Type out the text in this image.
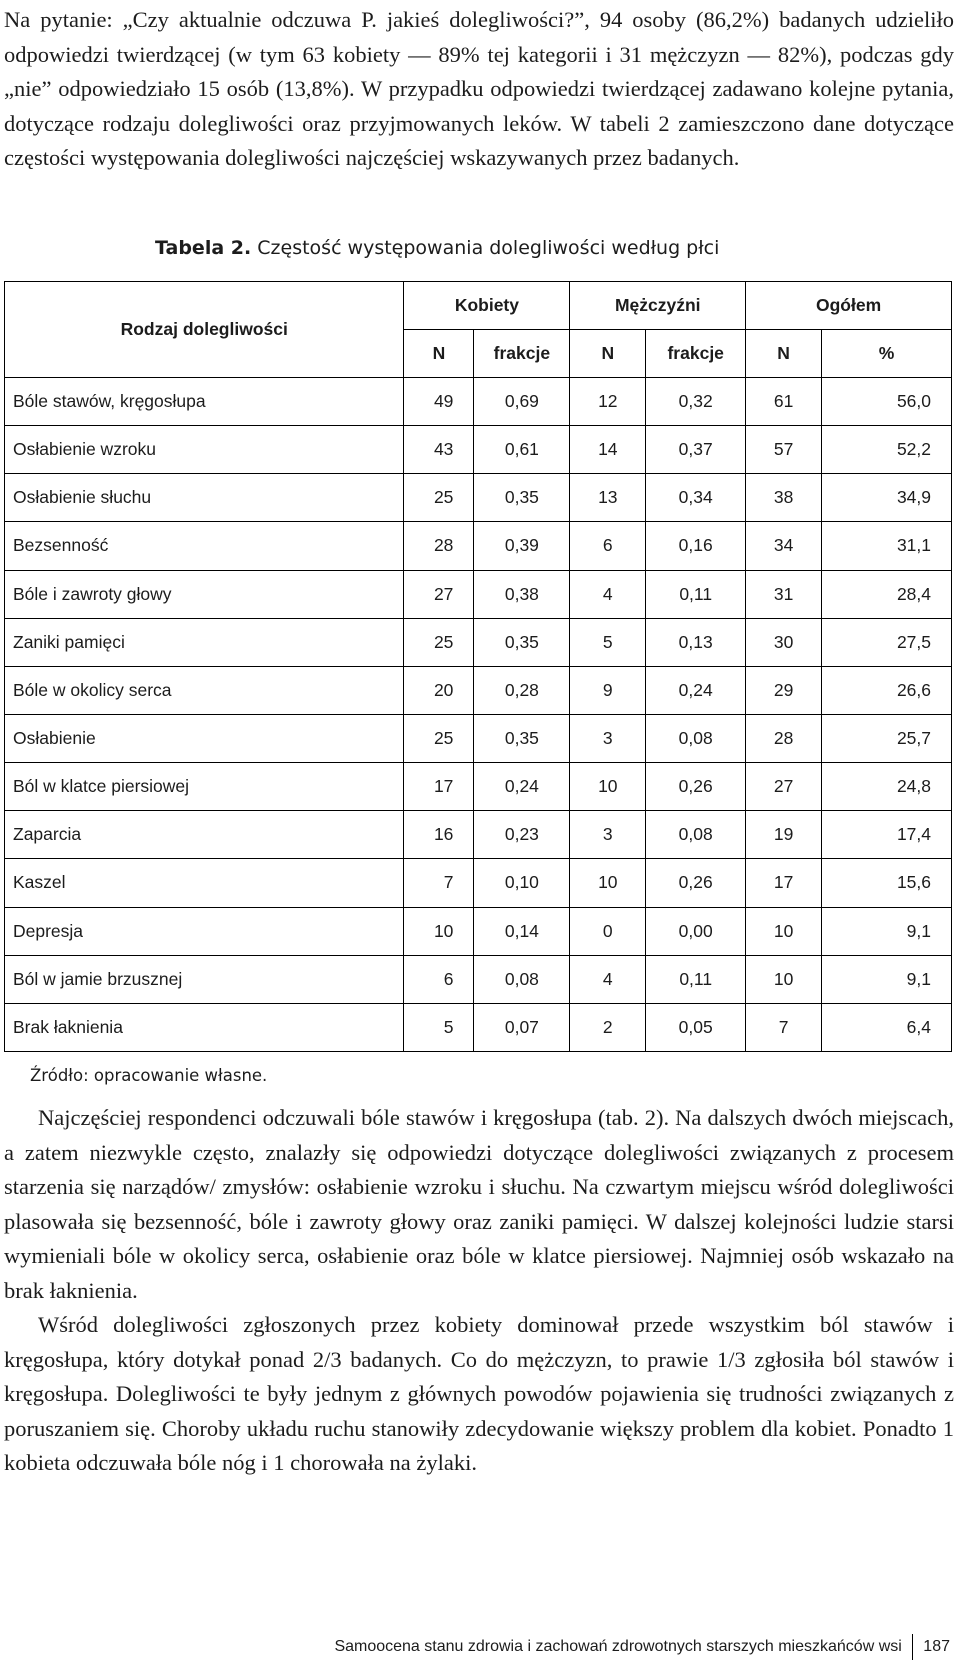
Na pytanie: „Czy aktualnie odczuwa P. jakieś dolegliwości?”, 94 osoby (86,2%) badanych udzieliło odpowiedzi twierdzącej (w tym 63 kobiety — 89% tej kategorii i 31 mężczyzn — 82%), podczas gdy „nie” odpowiedziało 15 osób (13,8%). W przypadku odpowiedzi twierdzącej zadawano kolejne pytania, dotyczące rodzaju dolegliwości oraz przyjmowanych leków. W tabeli 2 zamieszczono dane dotyczące częstości występowania dolegliwości najczęściej wskazywanych przez badanych.

Tabela 2. Częstość występowania dolegliwości według płci

Rodzaj dolegliwości	Kobiety		Mężczyźni		Ogółem	
	N	frakcje	N	frakcje	N	%
Bóle stawów, kręgosłupa	49	0,69	12	0,32	61	56,0
Osłabienie wzroku	43	0,61	14	0,37	57	52,2
Osłabienie słuchu	25	0,35	13	0,34	38	34,9
Bezsenność	28	0,39	6	0,16	34	31,1
Bóle i zawroty głowy	27	0,38	4	0,11	31	28,4
Zaniki pamięci	25	0,35	5	0,13	30	27,5
Bóle w okolicy serca	20	0,28	9	0,24	29	26,6
Osłabienie	25	0,35	3	0,08	28	25,7
Ból w klatce piersiowej	17	0,24	10	0,26	27	24,8
Zaparcia	16	0,23	3	0,08	19	17,4
Kaszel	7	0,10	10	0,26	17	15,6
Depresja	10	0,14	0	0,00	10	9,1
Ból w jamie brzusznej	6	0,08	4	0,11	10	9,1
Brak łaknienia	5	0,07	2	0,05	7	6,4

Źródło: opracowanie własne.

Najczęściej respondenci odczuwali bóle stawów i kręgosłupa (tab. 2). Na dalszych dwóch miejscach, a zatem niezwykle często, znalazły się odpowiedzi dotyczące dolegliwości związanych z procesem starzenia się narządów/ zmysłów: osłabienie wzroku i słuchu. Na czwartym miejscu wśród dolegliwości plasowała się bezsenność, bóle i zawroty głowy oraz zaniki pamięci. W dalszej kolejności ludzie starsi wymieniali bóle w okolicy serca, osłabienie oraz bóle w klatce piersiowej. Najmniej osób wskazało na brak łaknienia.

Wśród dolegliwości zgłoszonych przez kobiety dominował przede wszystkim ból stawów i kręgosłupa, który dotykał ponad 2/3 badanych. Co do mężczyzn, to prawie 1/3 zgłosiła ból stawów i kręgosłupa. Dolegliwości te były jednym z głównych powodów pojawienia się trudności związanych z poruszaniem się. Choroby układu ruchu stanowiły zdecydowanie większy problem dla kobiet. Ponadto 1 kobieta odczuwała bóle nóg i 1 chorowała na żylaki.

Samoocena stanu zdrowia i zachowań zdrowotnych starszych mieszkańców wsi 187
